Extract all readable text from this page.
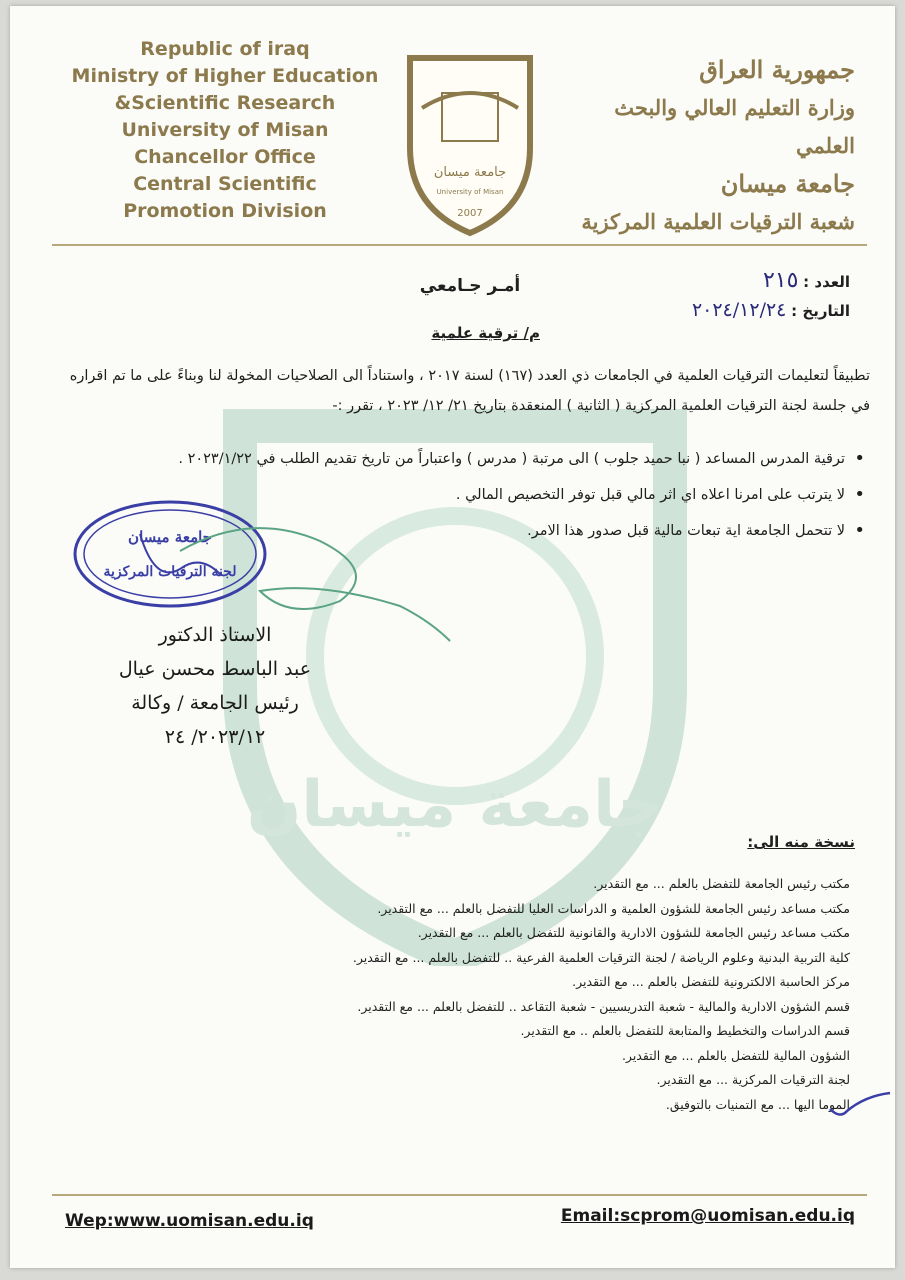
جامعة ميسان
Republic of iraq
Ministry of Higher Education
&Scientific Research
University of Misan
Chancellor Office
Central Scientific
Promotion Division
جامعة ميسان
University of Misan
2007
جمهورية العراق
وزارة التعليم العالي والبحث العلمي
جامعة ميسان
شعبة الترقيات العلمية المركزية
العدد : ٢١٥
التاريخ : ٢٠٢٤/١٢/٢٤
أمـر جـامعي
م/ ترقية علمية
تطبيقاً لتعليمات الترقيات العلمية في الجامعات ذي العدد (١٦٧) لسنة ٢٠١٧ ، واستناداً الى الصلاحيات المخولة لنا وبناءً على ما تم اقراره في جلسة لجنة الترقيات العلمية المركزية ( الثانية ) المنعقدة بتاريخ ٢١/ ١٢/ ٢٠٢٣ ، تقرر :-
• ترقية المدرس المساعد ( نبا حميد جلوب ) الى مرتبة ( مدرس ) واعتباراً من تاريخ تقديم الطلب في ٢٠٢٣/١/٢٢ .
• لا يترتب على امرنا اعلاه اي اثر مالي قبل توفر التخصيص المالي .
• لا تتحمل الجامعة اية تبعات مالية قبل صدور هذا الامر.
جامعة ميسان
لجنة الترقيات المركزية
الاستاذ الدكتور
عبد الباسط محسن عيال
رئيس الجامعة / وكالة
٢٠٢٣/١٢/ ٢٤
نسخة منه الى:
• مكتب رئيس الجامعة للتفضل بالعلم ... مع التقدير.
• مكتب مساعد رئيس الجامعة للشؤون العلمية و الدراسات العليا للتفضل بالعلم ... مع التقدير.
• مكتب مساعد رئيس الجامعة للشؤون الادارية والقانونية للتفضل بالعلم ... مع التقدير.
• كلية التربية البدنية وعلوم الرياضة / لجنة الترقيات العلمية الفرعية .. للتفضل بالعلم ... مع التقدير.
• مركز الحاسبة الالكترونية للتفضل بالعلم ... مع التقدير.
• قسم الشؤون الادارية والمالية - شعبة التدريسيين - شعبة التقاعد .. للتفضل بالعلم ... مع التقدير.
• قسم الدراسات والتخطيط والمتابعة للتفضل بالعلم .. مع التقدير.
• الشؤون المالية للتفضل بالعلم ... مع التقدير.
• لجنة الترقيات المركزية ... مع التقدير.
• الموما اليها ... مع التمنيات بالتوفيق.
Wep:www.uomisan.edu.iq	Email:scprom@uomisan.edu.iq
